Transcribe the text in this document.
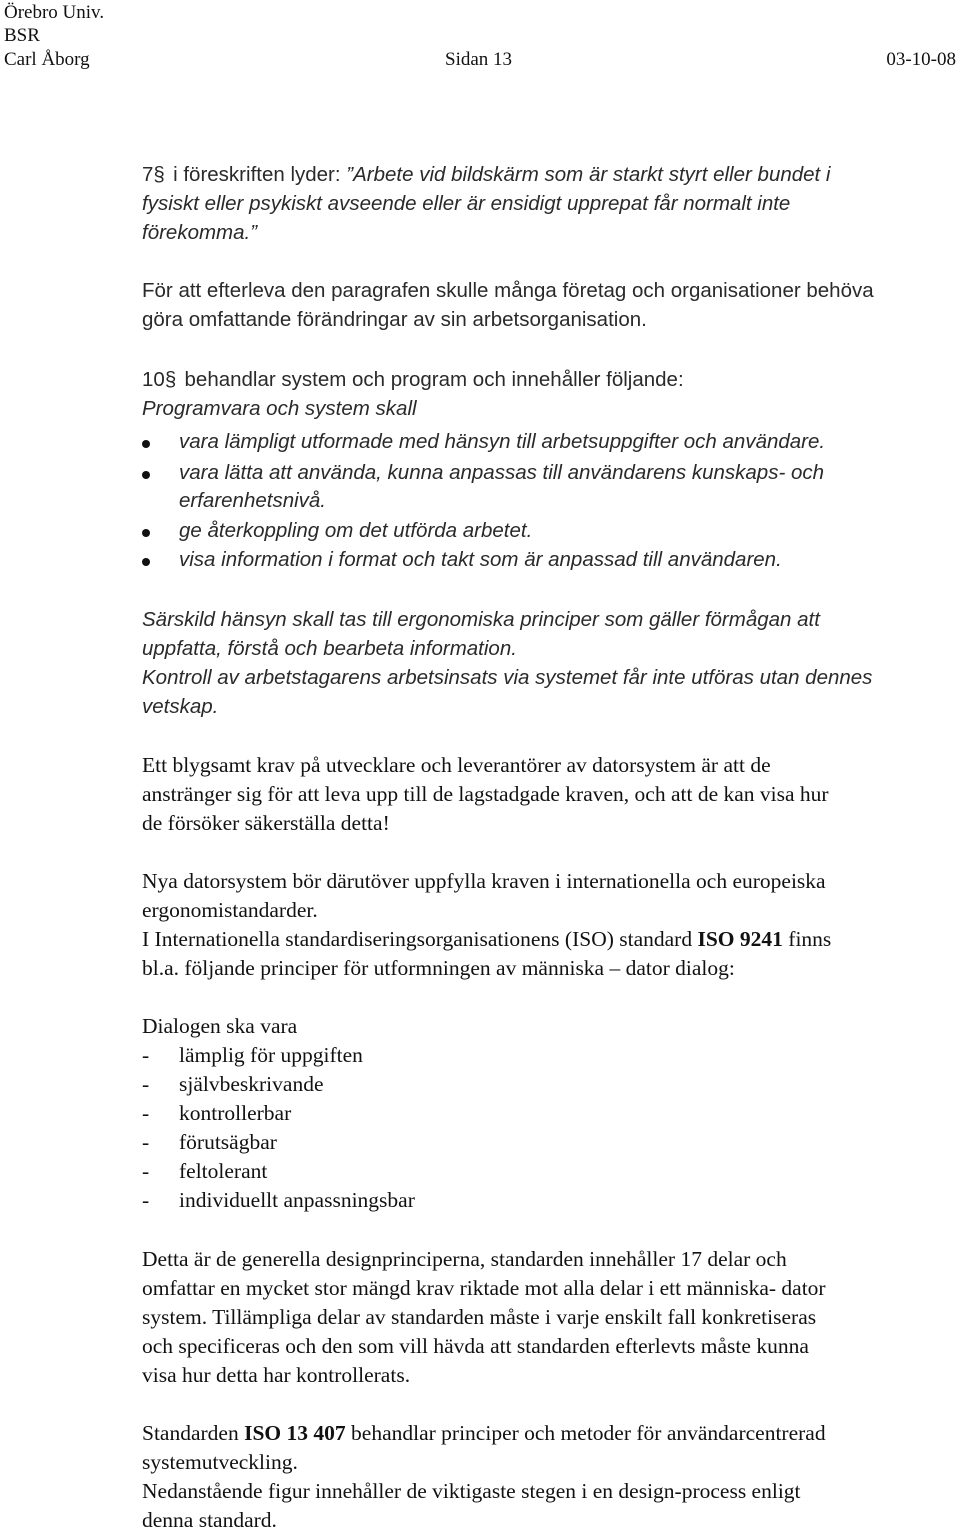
Örebro Univ.
BSR
Carl Åborg	Sidan 13	03-10-08
7§ i föreskriften lyder: ”Arbete vid bildskärm som är starkt styrt eller bundet i
fysiskt eller psykiskt avseende eller är ensidigt upprepat får normalt inte
förekomma.”
För att efterleva den paragrafen skulle många företag och organisationer behöva
göra omfattande förändringar av sin arbetsorganisation.
10§ behandlar system och program och innehåller följande:
Programvara och system skall
vara lämpligt utformade med hänsyn till arbetsuppgifter och användare.
vara lätta att använda, kunna anpassas till användarens kunskaps- och
erfarenhetsnivå.
ge återkoppling om det utförda arbetet.
visa information i format och takt som är anpassad till användaren.
Särskild hänsyn skall tas till ergonomiska principer som gäller förmågan att
uppfatta, förstå och bearbeta information.
Kontroll av arbetstagarens arbetsinsats via systemet får inte utföras utan dennes
vetskap.
Ett blygsamt krav på utvecklare och leverantörer av datorsystem är att de
anstränger sig för att leva upp till de lagstadgade kraven, och att de kan visa hur
de försöker säkerställa detta!
Nya datorsystem bör därutöver uppfylla kraven i internationella och europeiska
ergonomistandarder.
I Internationella standardiseringsorganisationens (ISO) standard ISO 9241 finns
bl.a. följande principer för utformningen av människa – dator dialog:
Dialogen ska vara
- lämplig för uppgiften
- självbeskrivande
- kontrollerbar
- förutsägbar
- feltolerant
- individuellt anpassningsbar
Detta är de generella designprinciperna, standarden innehåller 17 delar och
omfattar en mycket stor mängd krav riktade mot alla delar i ett människa- dator
system. Tillämpliga delar av standarden måste i varje enskilt fall konkretiseras
och specificeras och den som vill hävda att standarden efterlevts måste kunna
visa hur detta har kontrollerats.
Standarden ISO 13 407 behandlar principer och metoder för användarcentrerad
systemutveckling.
Nedanstående figur innehåller de viktigaste stegen i en design-process enligt
denna standard.
